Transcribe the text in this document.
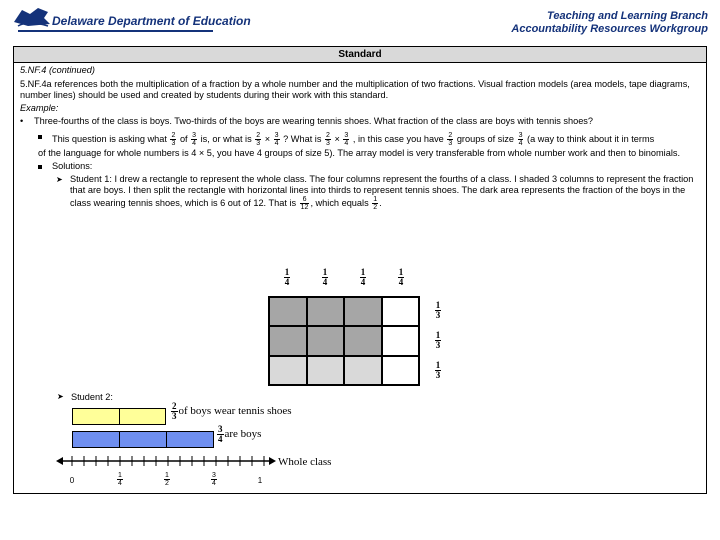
Delaware Department of Education	Teaching and Learning Branch
Accountability Resources Workgroup
Standard
5.NF.4 (continued)
5.NF.4a references both the multiplication of a fraction by a whole number and the multiplication of two fractions. Visual fraction models (area models, tape diagrams, number lines) should be used and created by students during their work with this standard.
Example:
• Three-fourths of the class is boys. Two-thirds of the boys are wearing tennis shoes. What fraction of the class are boys with tennis shoes?
This question is asking what $\frac{2}{3}$ of $\frac{3}{4}$ is, or what is $\frac{2}{3} \times \frac{3}{4}$ ? What is $\frac{2}{3} \times \frac{3}{4}$ , in this case you have $\frac{2}{3}$ groups of size $\frac{3}{4} (a$ way to think about it in terms
of the language for whole numbers is 4 × 5, you have 4 groups of size 5). The array model is very transferable from whole number work and then to binomials.
Solutions:
➤ Student 1: I drew a rectangle to represent the whole class. The four columns represent the fourths of a class. I shaded 3 columns to represent the fraction that are boys. I then split the rectangle with horizontal lines into thirds to represent tennis shoes. The dark area represents the fraction of the boys in the class wearing tennis shoes, which is 6 out of 12. That is $\frac{6}{12}$ , which equals $\frac{1}{2}$ .
➤ Student 2:
$\frac{1}{4}$	$\frac{1}{4}$	$\frac{1}{4}$	$\frac{1}{4}$
$\frac{1}{3}$
$\frac{1}{3}$
$\frac{1}{3}$
$\frac{2}{3}$ of boys wear tennis shoes
$\frac{3}{4}$ are boys
Whole class
0	$\frac{1}{4}$	$\frac{1}{2}$	$\frac{3}{4}$	1
